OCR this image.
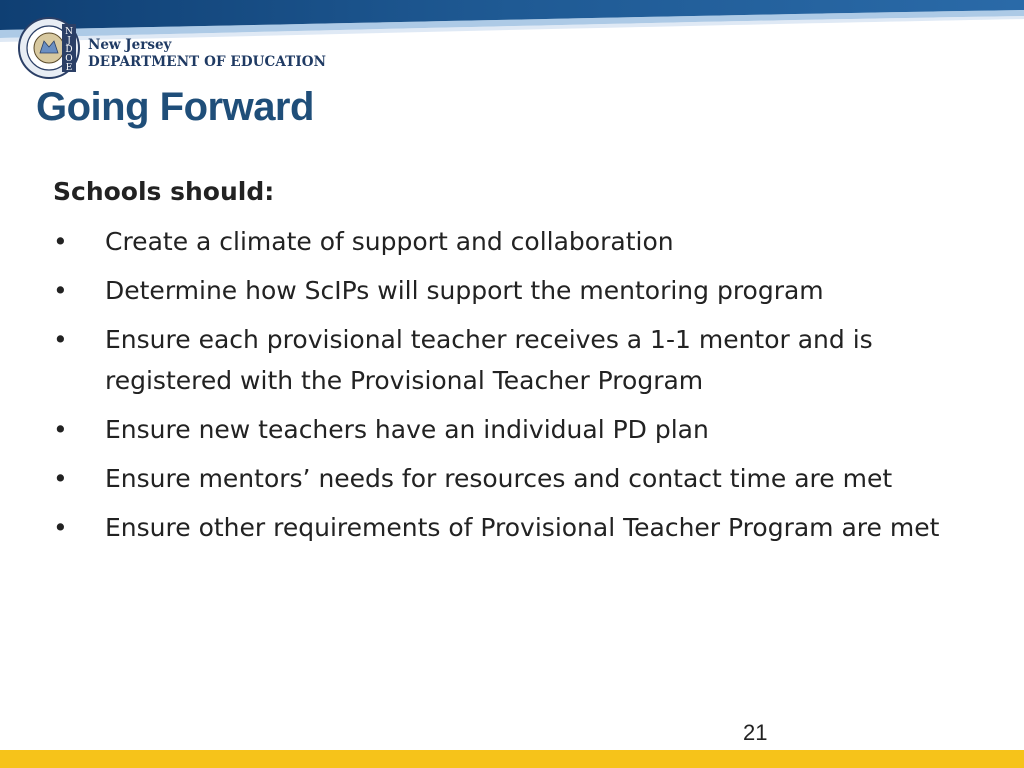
N
J
D
O
E
New Jersey
DEPARTMENT OF EDUCATION
Going Forward

Schools should:

• Create a climate of support and collaboration
• Determine how ScIPs will support the mentoring program
• Ensure each provisional teacher receives a 1-1 mentor and is registered with the Provisional Teacher Program
• Ensure new teachers have an individual PD plan
• Ensure mentors’ needs for resources and contact time are met
• Ensure other requirements of Provisional Teacher Program are met
21
